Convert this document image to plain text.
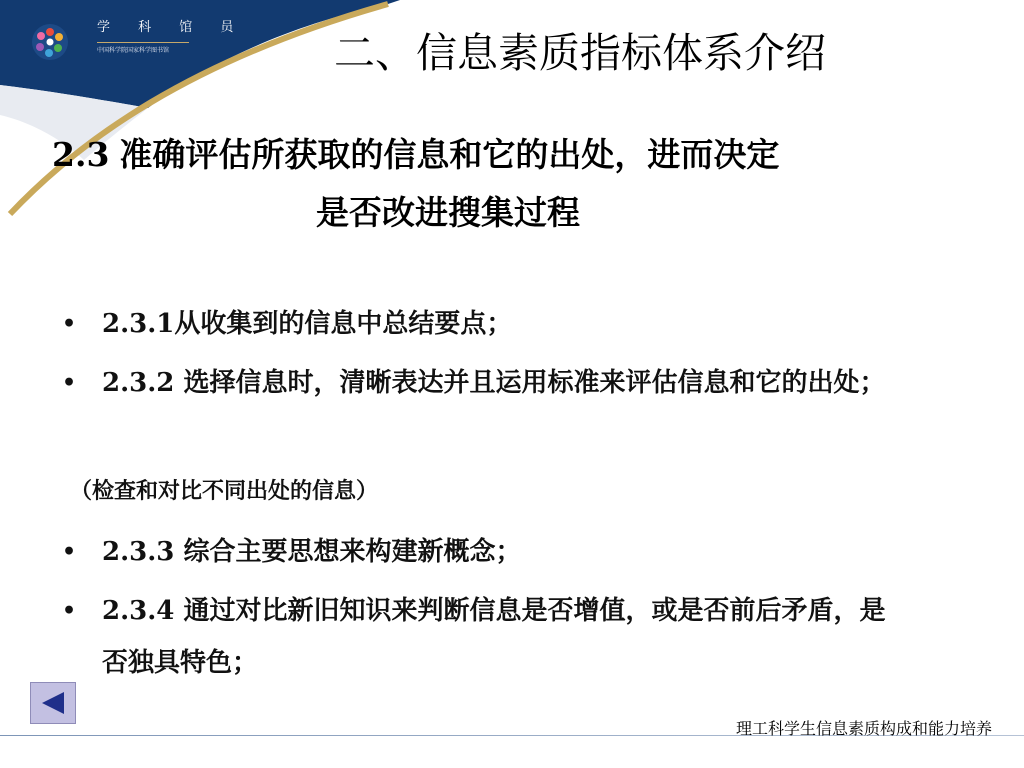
学 科 馆 员
中国科学院国家科学图书馆	二、信息素质指标体系介绍
2.3 准确评估所获取的信息和它的出处，进而决定
是否改进搜集过程
• 2.3.1从收集到的信息中总结要点；
• 2.3.2 选择信息时，清晰表达并且运用标准来评估信息和它的出处；
（检查和对比不同出处的信息）
• 2.3.3 综合主要思想来构建新概念；
• 2.3.4 通过对比新旧知识来判断信息是否增值，或是否前后矛盾，是否独具特色；
理工科学生信息素质构成和能力培养
